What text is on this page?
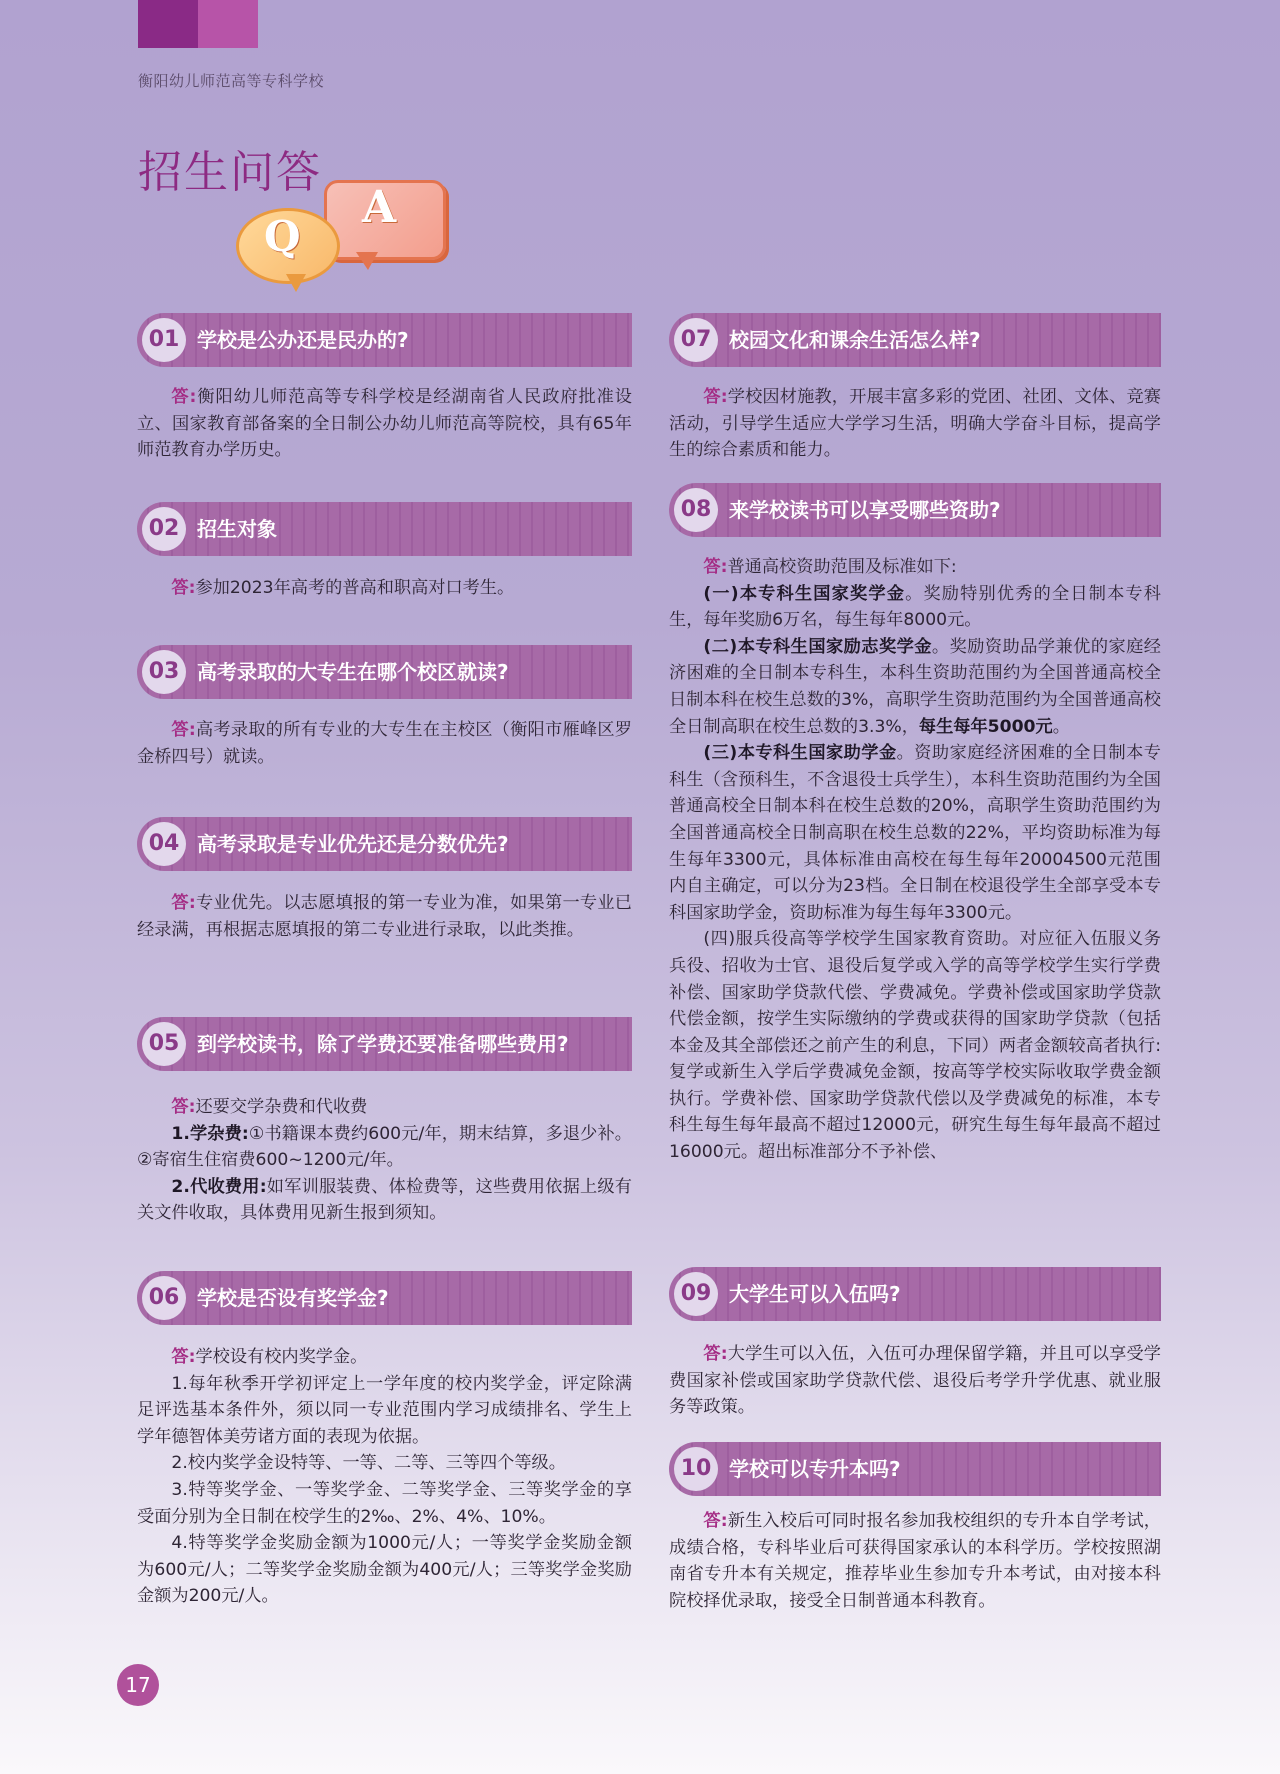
衡阳幼儿师范高等专科学校
招生问答
Q
A
01 学校是公办还是民办的?

答:衡阳幼儿师范高等专科学校是经湖南省人民政府批准设立、国家教育部备案的全日制公办幼儿师范高等院校，具有65年师范教育办学历史。

02 招生对象

答:参加2023年高考的普高和职高对口考生。

03 高考录取的大专生在哪个校区就读?

答:高考录取的所有专业的大专生在主校区（衡阳市雁峰区罗金桥四号）就读。

04 高考录取是专业优先还是分数优先?

答:专业优先。以志愿填报的第一专业为准，如果第一专业已经录满，再根据志愿填报的第二专业进行录取，以此类推。

05 到学校读书，除了学费还要准备哪些费用?

答:还要交学杂费和代收费

1.学杂费:①书籍课本费约600元/年，期末结算，多退少补。②寄宿生住宿费600~1200元/年。

2.代收费用:如军训服装费、体检费等，这些费用依据上级有关文件收取，具体费用见新生报到须知。

06 学校是否设有奖学金?

答:学校设有校内奖学金。

1.每年秋季开学初评定上一学年度的校内奖学金，评定除满足评选基本条件外，须以同一专业范围内学习成绩排名、学生上学年德智体美劳诸方面的表现为依据。

2.校内奖学金设特等、一等、二等、三等四个等级。

3.特等奖学金、一等奖学金、二等奖学金、三等奖学金的享受面分别为全日制在校学生的2‰、2%、4%、10%。

4.特等奖学金奖励金额为1000元/人；一等奖学金奖励金额为600元/人；二等奖学金奖励金额为400元/人；三等奖学金奖励金额为200元/人。

07 校园文化和课余生活怎么样?

答:学校因材施教，开展丰富多彩的党团、社团、文体、竞赛活动，引导学生适应大学学习生活，明确大学奋斗目标，提高学生的综合素质和能力。

08 来学校读书可以享受哪些资助?

答:普通高校资助范围及标准如下:

(一)本专科生国家奖学金。奖励特别优秀的全日制本专科生，每年奖励6万名，每生每年8000元。

(二)本专科生国家励志奖学金。奖励资助品学兼优的家庭经济困难的全日制本专科生，本科生资助范围约为全国普通高校全日制本科在校生总数的3%，高职学生资助范围约为全国普通高校全日制高职在校生总数的3.3%，每生每年5000元。

(三)本专科生国家助学金。资助家庭经济困难的全日制本专科生（含预科生，不含退役士兵学生），本科生资助范围约为全国普通高校全日制本科在校生总数的20%，高职学生资助范围约为全国普通高校全日制高职在校生总数的22%，平均资助标准为每生每年3300元，具体标准由高校在每生每年20004500元范围内自主确定，可以分为23档。全日制在校退役学生全部享受本专科国家助学金，资助标准为每生每年3300元。

(四)服兵役高等学校学生国家教育资助。对应征入伍服义务兵役、招收为士官、退役后复学或入学的高等学校学生实行学费补偿、国家助学贷款代偿、学费减免。学费补偿或国家助学贷款代偿金额，按学生实际缴纳的学费或获得的国家助学贷款（包括本金及其全部偿还之前产生的利息，下同）两者金额较高者执行:复学或新生入学后学费减免金额，按高等学校实际收取学费金额执行。学费补偿、国家助学贷款代偿以及学费减免的标准，本专科生每生每年最高不超过12000元，研究生每生每年最高不超过16000元。超出标准部分不予补偿、

09 大学生可以入伍吗?

答:大学生可以入伍，入伍可办理保留学籍，并且可以享受学费国家补偿或国家助学贷款代偿、退役后考学升学优惠、就业服务等政策。

10 学校可以专升本吗?

答:新生入校后可同时报名参加我校组织的专升本自学考试，成绩合格，专科毕业后可获得国家承认的本科学历。学校按照湖南省专升本有关规定，推荐毕业生参加专升本考试，由对接本科院校择优录取，接受全日制普通本科教育。

17
